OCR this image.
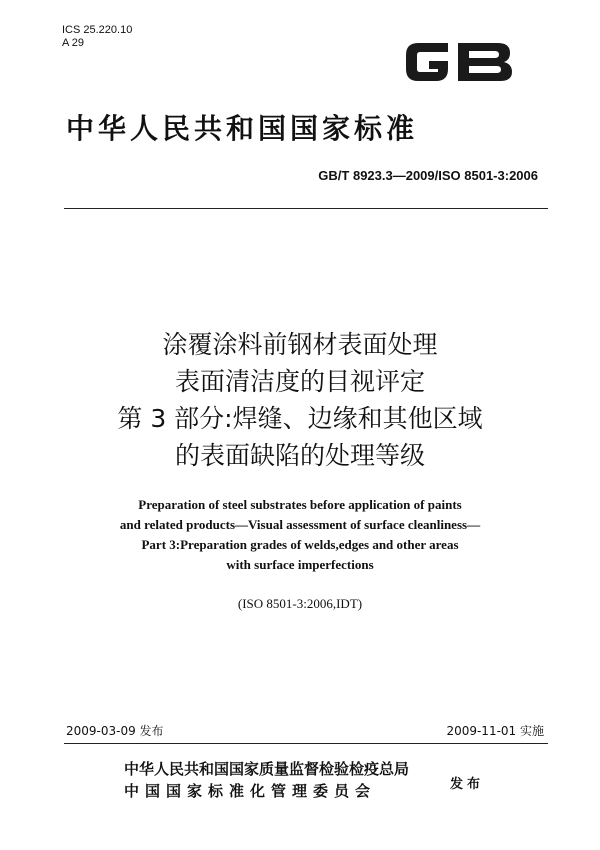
ICS 25.220.10
A 29
GB
中华人民共和国国家标准
GB/T 8923.3—2009/ISO 8501-3:2006
涂覆涂料前钢材表面处理
表面清洁度的目视评定
第 3 部分:焊缝、边缘和其他区域
的表面缺陷的处理等级
Preparation of steel substrates before application of paints
and related products—Visual assessment of surface cleanliness—
Part 3:Preparation grades of welds,edges and other areas
with surface imperfections
(ISO 8501-3:2006,IDT)
2009-03-09 发布	2009-11-01 实施
中华人民共和国国家质量监督检验检疫总局
中国国家标准化管理委员会	发布
